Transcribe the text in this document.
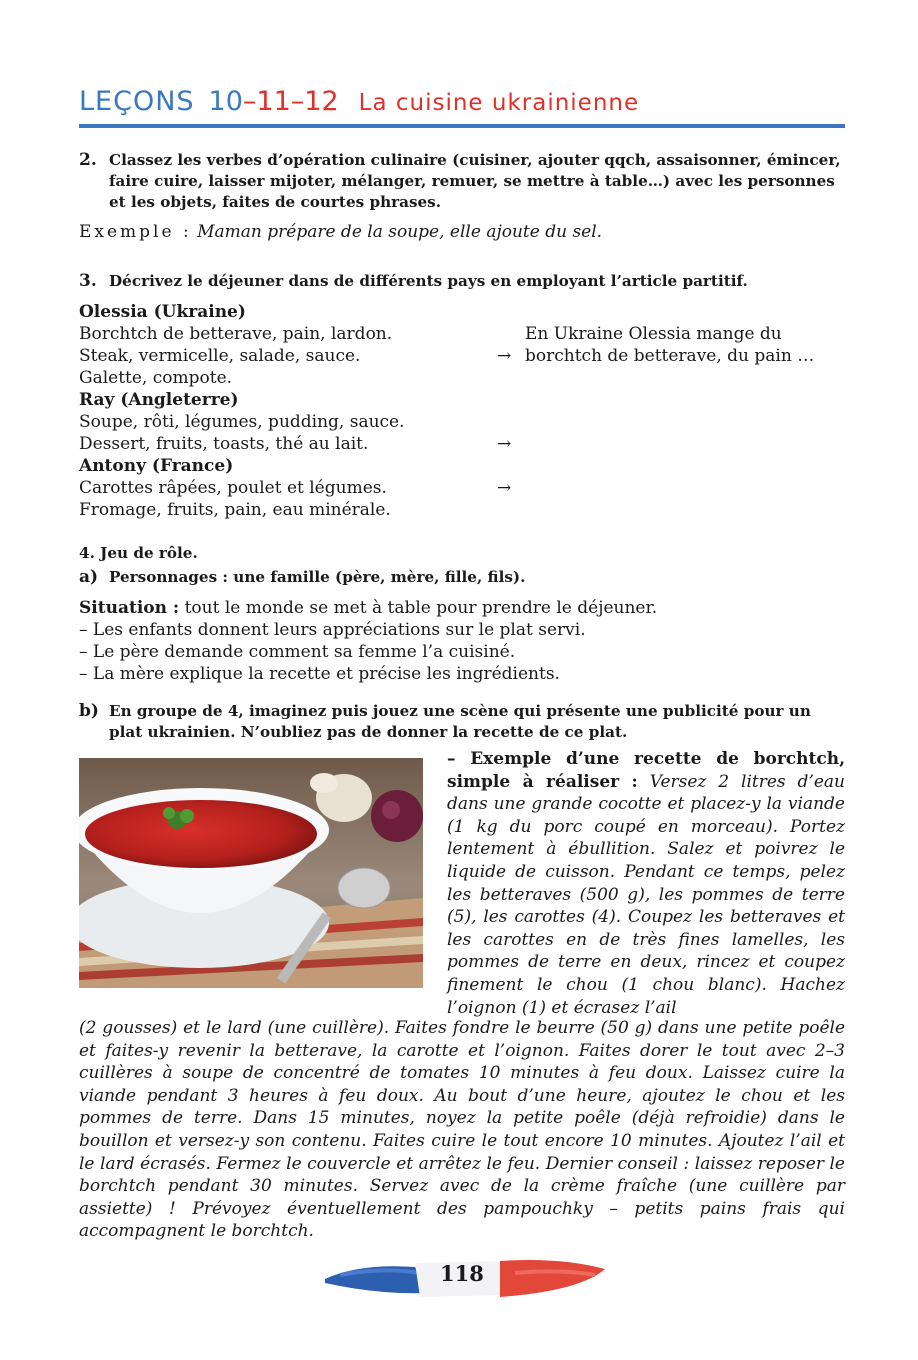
LEÇONS 10–11–12 La cuisine ukrainienne
2. Classez les verbes d’opération culinaire (cuisiner, ajouter qqch, assaisonner, émincer, faire cuire, laisser mijoter, mélanger, remuer, se mettre à table…) avec les personnes et les objets, faites de courtes phrases.
Exemple : Maman prépare de la soupe, elle ajoute du sel.
3. Décrivez le déjeuner dans de différents pays en employant l’article partitif.
Olessia (Ukraine)
Borchtch de betterave, pain, lardon.	En Ukraine Olessia mange du
Steak, vermicelle, salade, sauce.	→ borchtch de betterave, du pain …
Galette, compote.
Ray (Angleterre)
Soupe, rôti, légumes, pudding, sauce.
Dessert, fruits, toasts, thé au lait.	→
Antony (France)
Carottes râpées, poulet et légumes.	→
Fromage, fruits, pain, eau minérale.
4. Jeu de rôle.
a) Personnages : une famille (père, mère, fille, fils).
Situation : tout le monde se met à table pour prendre le déjeuner.
– Les enfants donnent leurs appréciations sur le plat servi.
– Le père demande comment sa femme l’a cuisiné.
– La mère explique la recette et précise les ingrédients.
b) En groupe de 4, imaginez puis jouez une scène qui présente une publicité pour un plat ukrainien. N’oubliez pas de donner la recette de ce plat.
– Exemple d’une recette de borchtch, simple à réaliser : Versez 2 litres d’eau dans une grande cocotte et placez-y la viande (1 kg du porc coupé en morceau). Portez lentement à ébullition. Salez et poivrez le liquide de cuisson. Pendant ce temps, pelez les betteraves (500 g), les pommes de terre (5), les carottes (4). Coupez les betteraves et les carottes en de très fines lamelles, les pommes de terre en deux, rincez et coupez finement le chou (1 chou blanc). Hachez l’oignon (1) et écrasez l’ail
(2 gousses) et le lard (une cuillère). Faites fondre le beurre (50 g) dans une petite poêle et faites-y revenir la betterave, la carotte et l’oignon. Faites dorer le tout avec 2–3 cuillères à soupe de concentré de tomates 10 minutes à feu doux. Laissez cuire la viande pendant 3 heures à feu doux. Au bout d’une heure, ajoutez le chou et les pommes de terre. Dans 15 minutes, noyez la petite poêle (déjà refroidie) dans le bouillon et versez-y son contenu. Faites cuire le tout encore 10 minutes. Ajoutez l’ail et le lard écrasés. Fermez le couvercle et arrêtez le feu. Dernier conseil : laissez reposer le borchtch pendant 30 minutes. Servez avec de la crème fraîche (une cuillère par assiette) ! Prévoyez éventuellement des pampouchky – petits pains frais qui accompagnent le borchtch.
118
